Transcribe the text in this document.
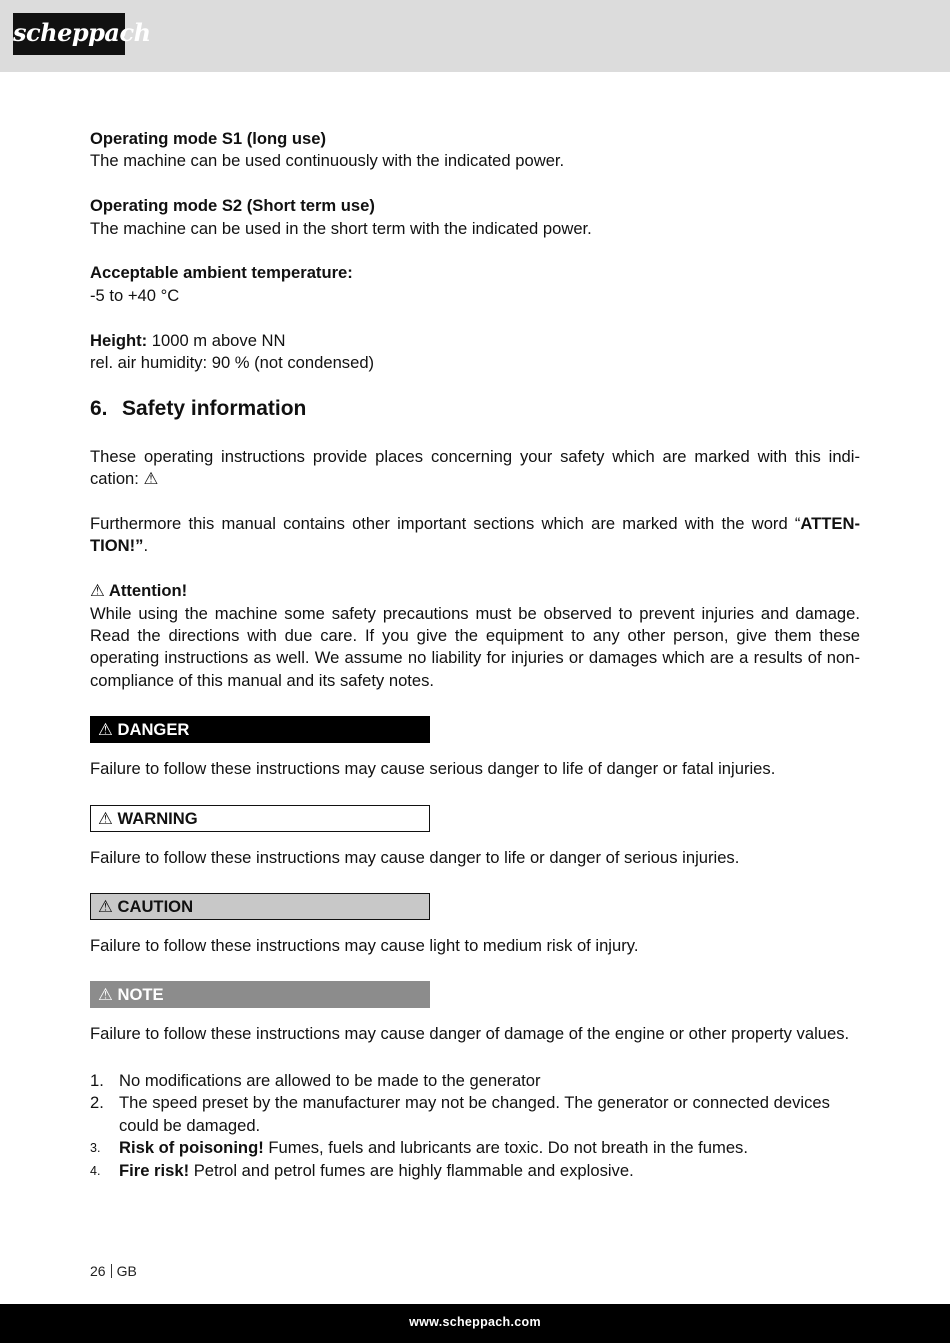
scheppach
Operating mode S1 (long use)
The machine can be used continuously with the indicated power.
Operating mode S2 (Short term use)
The machine can be used in the short term with the indicated power.
Acceptable ambient temperature:
-5 to +40 °C
Height: 1000 m above NN
rel. air humidity: 90 % (not condensed)
6. Safety information
These operating instructions provide places concerning your safety which are marked with this indi-cation: ⚠
Furthermore this manual contains other important sections which are marked with the word “ATTEN-TION!”.
⚠ Attention!
While using the machine some safety precautions must be observed to prevent injuries and damage. Read the directions with due care. If you give the equipment to any other person, give them these operating instructions as well. We assume no liability for injuries or damages which are a results of non-compliance of this manual and its safety notes.
⚠ DANGER
Failure to follow these instructions may cause serious danger to life of danger or fatal injuries.
⚠ WARNING
Failure to follow these instructions may cause danger to life or danger of serious injuries.
⚠ CAUTION
Failure to follow these instructions may cause light to medium risk of injury.
⚠ NOTE
Failure to follow these instructions may cause danger of damage of the engine or other property values.
1. No modifications are allowed to be made to the generator
2. The speed preset by the manufacturer may not be changed. The generator or connected devices could be damaged.
3. Risk of poisoning! Fumes, fuels and lubricants are toxic. Do not breath in the fumes.
4. Fire risk! Petrol and petrol fumes are highly flammable and explosive.
26 GB
www.scheppach.com
